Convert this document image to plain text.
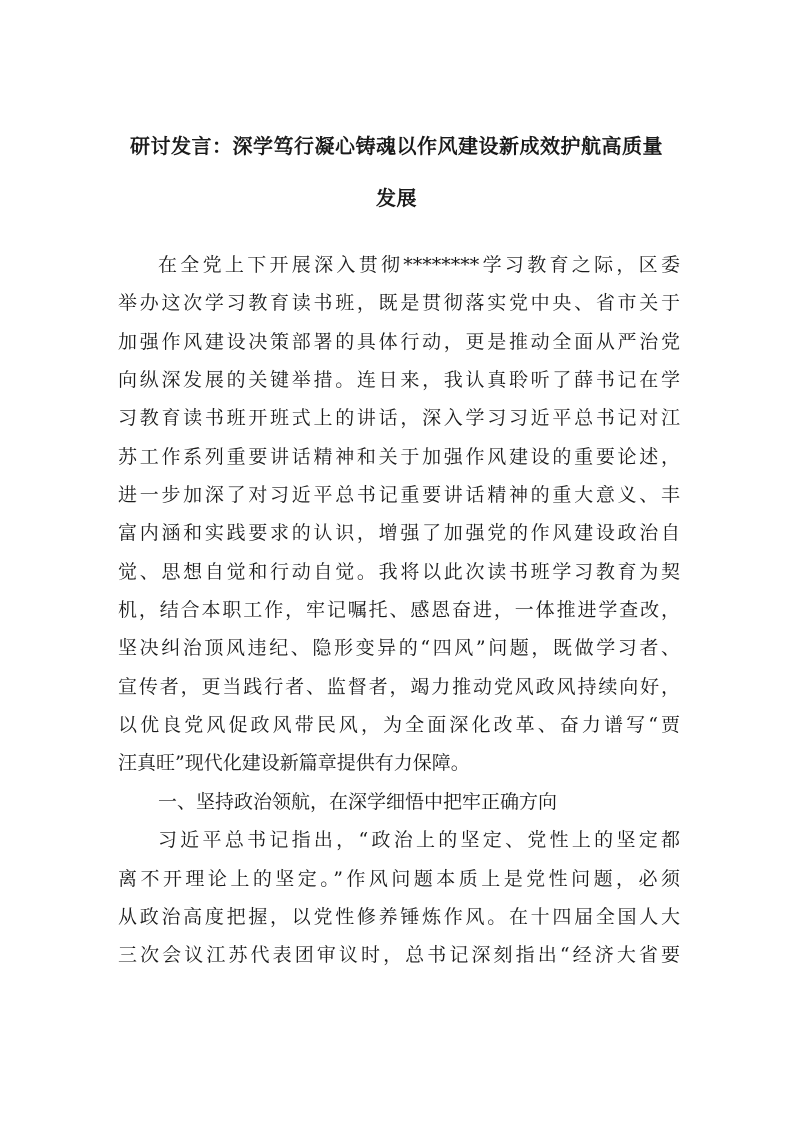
研讨发言：深学笃行凝心铸魂以作风建设新成效护航高质量
发展
在全党上下开展深入贯彻********学习教育之际，区委
举办这次学习教育读书班，既是贯彻落实党中央、省市关于
加强作风建设决策部署的具体行动，更是推动全面从严治党
向纵深发展的关键举措。连日来，我认真聆听了薛书记在学
习教育读书班开班式上的讲话，深入学习习近平总书记对江
苏工作系列重要讲话精神和关于加强作风建设的重要论述，
进一步加深了对习近平总书记重要讲话精神的重大意义、丰
富内涵和实践要求的认识，增强了加强党的作风建设政治自
觉、思想自觉和行动自觉。我将以此次读书班学习教育为契
机，结合本职工作，牢记嘱托、感恩奋进，一体推进学查改，
坚决纠治顶风违纪、隐形变异的“四风”问题，既做学习者、
宣传者，更当践行者、监督者，竭力推动党风政风持续向好，
以优良党风促政风带民风，为全面深化改革、奋力谱写“贾
汪真旺”现代化建设新篇章提供有力保障。
一、坚持政治领航，在深学细悟中把牢正确方向
习近平总书记指出，“政治上的坚定、党性上的坚定都
离不开理论上的坚定。”作风问题本质上是党性问题，必须
从政治高度把握，以党性修养锤炼作风。在十四届全国人大
三次会议江苏代表团审议时，总书记深刻指出“经济大省要
